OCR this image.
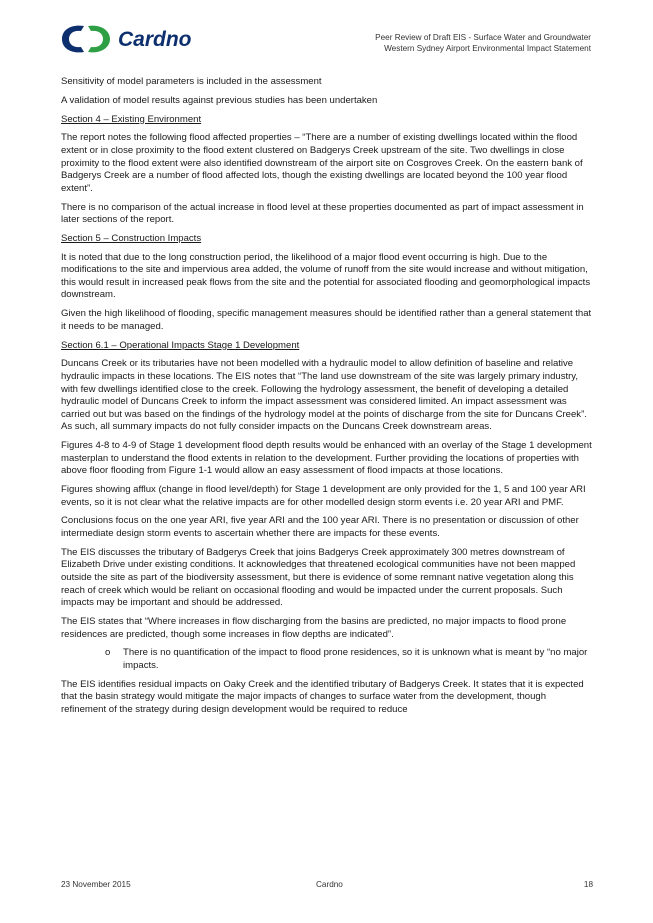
Cardno	Peer Review of Draft EIS - Surface Water and Groundwater
Western Sydney Airport Environmental Impact Statement

Sensitivity of model parameters is included in the assessment

A validation of model results against previous studies has been undertaken

Section 4 – Existing Environment

The report notes the following flood affected properties – “There are a number of existing dwellings located within the flood extent or in close proximity to the flood extent clustered on Badgerys Creek upstream of the site. Two dwellings in close proximity to the flood extent were also identified downstream of the airport site on Cosgroves Creek. On the eastern bank of Badgerys Creek are a number of flood affected lots, though the existing dwellings are located beyond the 100 year flood extent”.

There is no comparison of the actual increase in flood level at these properties documented as part of impact assessment in later sections of the report.

Section 5 – Construction Impacts

It is noted that due to the long construction period, the likelihood of a major flood event occurring is high. Due to the modifications to the site and impervious area added, the volume of runoff from the site would increase and without mitigation, this would result in increased peak flows from the site and the potential for associated flooding and geomorphological impacts downstream.

Given the high likelihood of flooding, specific management measures should be identified rather than a general statement that it needs to be managed.

Section 6.1 – Operational Impacts Stage 1 Development

Duncans Creek or its tributaries have not been modelled with a hydraulic model to allow definition of baseline and relative hydraulic impacts in these locations. The EIS notes that “The land use downstream of the site was largely primary industry, with few dwellings identified close to the creek. Following the hydrology assessment, the benefit of developing a detailed hydraulic model of Duncans Creek to inform the impact assessment was considered limited. An impact assessment was carried out but was based on the findings of the hydrology model at the points of discharge from the site for Duncans Creek”. As such, all summary impacts do not fully consider impacts on the Duncans Creek downstream areas.

Figures 4-8 to 4-9 of Stage 1 development flood depth results would be enhanced with an overlay of the Stage 1 development masterplan to understand the flood extents in relation to the development. Further providing the locations of properties with above floor flooding from Figure 1-1 would allow an easy assessment of flood impacts at those locations.

Figures showing afflux (change in flood level/depth) for Stage 1 development are only provided for the 1, 5 and 100 year ARI events, so it is not clear what the relative impacts are for other modelled design storm events i.e. 20 year ARI and PMF.

Conclusions focus on the one year ARI, five year ARI and the 100 year ARI. There is no presentation or discussion of other intermediate design storm events to ascertain whether there are impacts for these events.

The EIS discusses the tributary of Badgerys Creek that joins Badgerys Creek approximately 300 metres downstream of Elizabeth Drive under existing conditions. It acknowledges that threatened ecological communities have not been mapped outside the site as part of the biodiversity assessment, but there is evidence of some remnant native vegetation along this reach of creek which would be reliant on occasional flooding and would be impacted under the current proposals. Such impacts may be important and should be addressed.

The EIS states that “Where increases in flow discharging from the basins are predicted, no major impacts to flood prone residences are predicted, though some increases in flow depths are indicated”.

o There is no quantification of the impact to flood prone residences, so it is unknown what is meant by “no major impacts.

The EIS identifies residual impacts on Oaky Creek and the identified tributary of Badgerys Creek. It states that it is expected that the basin strategy would mitigate the major impacts of changes to surface water from the development, though refinement of the strategy during design development would be required to reduce

23 November 2015	Cardno	18
